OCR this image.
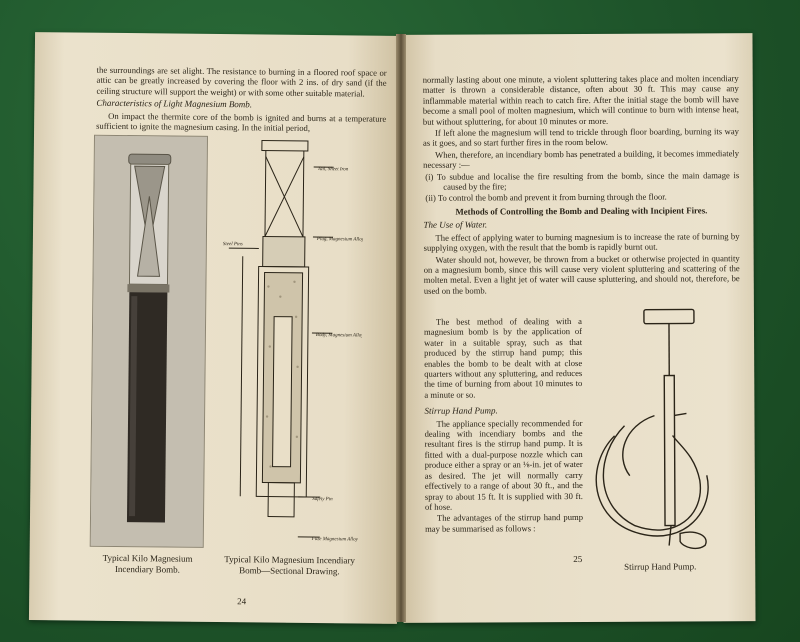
the surroundings are set alight. The resistance to burning in a floored roof space or attic can be greatly increased by covering the floor with 2 ins. of dry sand (if the ceiling structure will support the weight) or with some other suitable material.

Characteristics of Light Magnesium Bomb.

On impact the thermite core of the bomb is ignited and burns at a temperature sufficient to ignite the magnesium casing. In the initial period,

Tail, Sheet Iron
Plug, Magnesium Alloy
Steel Pins
Body, Magnesium Alloy
Safety Pin
Fuze Magnesium Alloy
Typical Kilo Magnesium Incendiary Bomb.
Typical Kilo Magnesium Incendiary Bomb—Sectional Drawing.
24

normally lasting about one minute, a violent spluttering takes place and molten incendiary matter is thrown a considerable distance, often about 30 ft. This may cause any inflammable material within reach to catch fire. After the initial stage the bomb will have become a small pool of molten magnesium, which will continue to burn with intense heat, but without spluttering, for about 10 minutes or more.

If left alone the magnesium will tend to trickle through floor boarding, burning its way as it goes, and so start further fires in the room below.

When, therefore, an incendiary bomb has penetrated a building, it becomes immediately necessary :—

(i) To subdue and localise the fire resulting from the bomb, since the main damage is caused by the fire;

(ii) To control the bomb and prevent it from burning through the floor.

Methods of Controlling the Bomb and Dealing with Incipient Fires.

The Use of Water.

The effect of applying water to burning magnesium is to increase the rate of burning by supplying oxygen, with the result that the bomb is rapidly burnt out.

Water should not, however, be thrown from a bucket or otherwise projected in quantity on a magnesium bomb, since this will cause very violent spluttering and scattering of the molten metal. Even a light jet of water will cause spluttering, and should not, therefore, be used on the bomb.

The best method of dealing with a magnesium bomb is by the application of water in a suitable spray, such as that produced by the stirrup hand pump; this enables the bomb to be dealt with at close quarters without any spluttering, and reduces the time of burning from about 10 minutes to a minute or so.

Stirrup Hand Pump.

The appliance specially recommended for dealing with incendiary bombs and the resultant fires is the stirrup hand pump. It is fitted with a dual-purpose nozzle which can produce either a spray or an ⅛-in. jet of water as desired. The jet will normally carry effectively to a range of about 30 ft., and the spray to about 15 ft. It is supplied with 30 ft. of hose.

The advantages of the stirrup hand pump may be summarised as follows :

Stirrup Hand Pump.
25
